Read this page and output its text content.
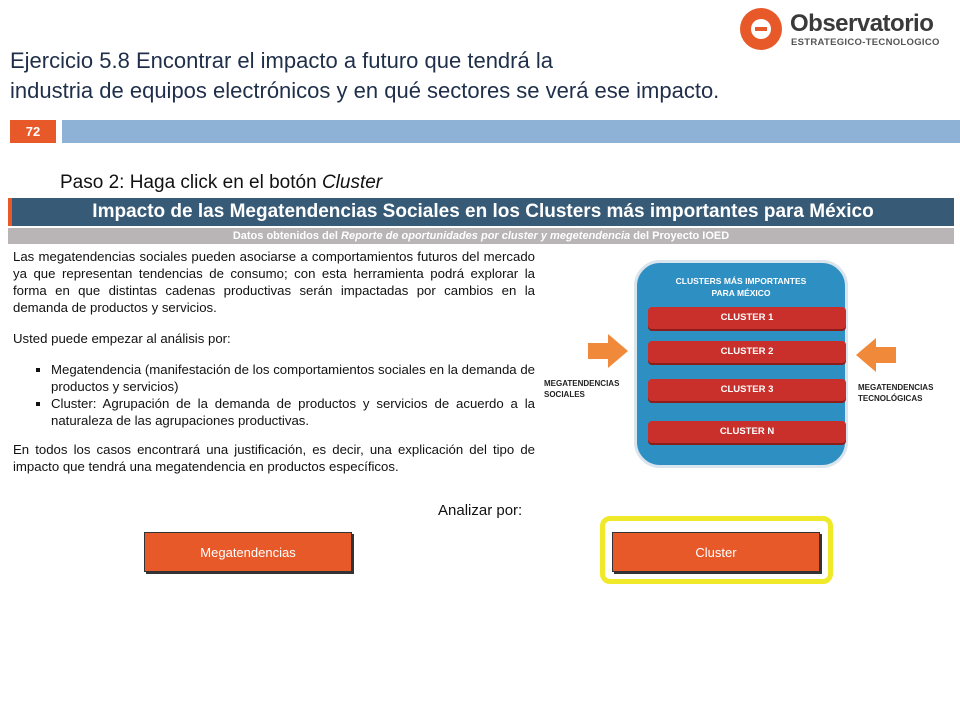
Observatorio
ESTRATEGICO-TECNOLOGICO
Ejercicio 5.8 Encontrar el impacto a futuro que tendrá la
industria de equipos electrónicos y en qué sectores se verá ese impacto.
72
Paso 2: Haga click en el botón Cluster
Impacto de las Megatendencias Sociales en los Clusters más importantes para México
Datos obtenidos del Reporte de oportunidades por cluster y megetendencia del Proyecto IOED

Las megatendencias sociales pueden asociarse a comportamientos futuros del mercado ya que representan tendencias de consumo; con esta herramienta podrá explorar la forma en que distintas cadenas productivas serán impactadas por cambios en la demanda de productos y servicios.

Usted puede empezar al análisis por:

▪ Megatendencia (manifestación de los comportamientos sociales en la demanda de productos y servicios)
▪ Cluster: Agrupación de la demanda de productos y servicios de acuerdo a la naturaleza de las agrupaciones productivas.

En todos los casos encontrará una justificación, es decir, una explicación del tipo de impacto que tendrá una megatendencia en productos específicos.

Analizar por:
Megatendencias	Cluster
MEGATENDENCIAS
SOCIALES
CLUSTERS MÁS IMPORTANTES
PARA MÉXICO
CLUSTER 1
CLUSTER 2
CLUSTER 3
CLUSTER N
MEGATENDENCIAS
TECNOLÓGICAS
